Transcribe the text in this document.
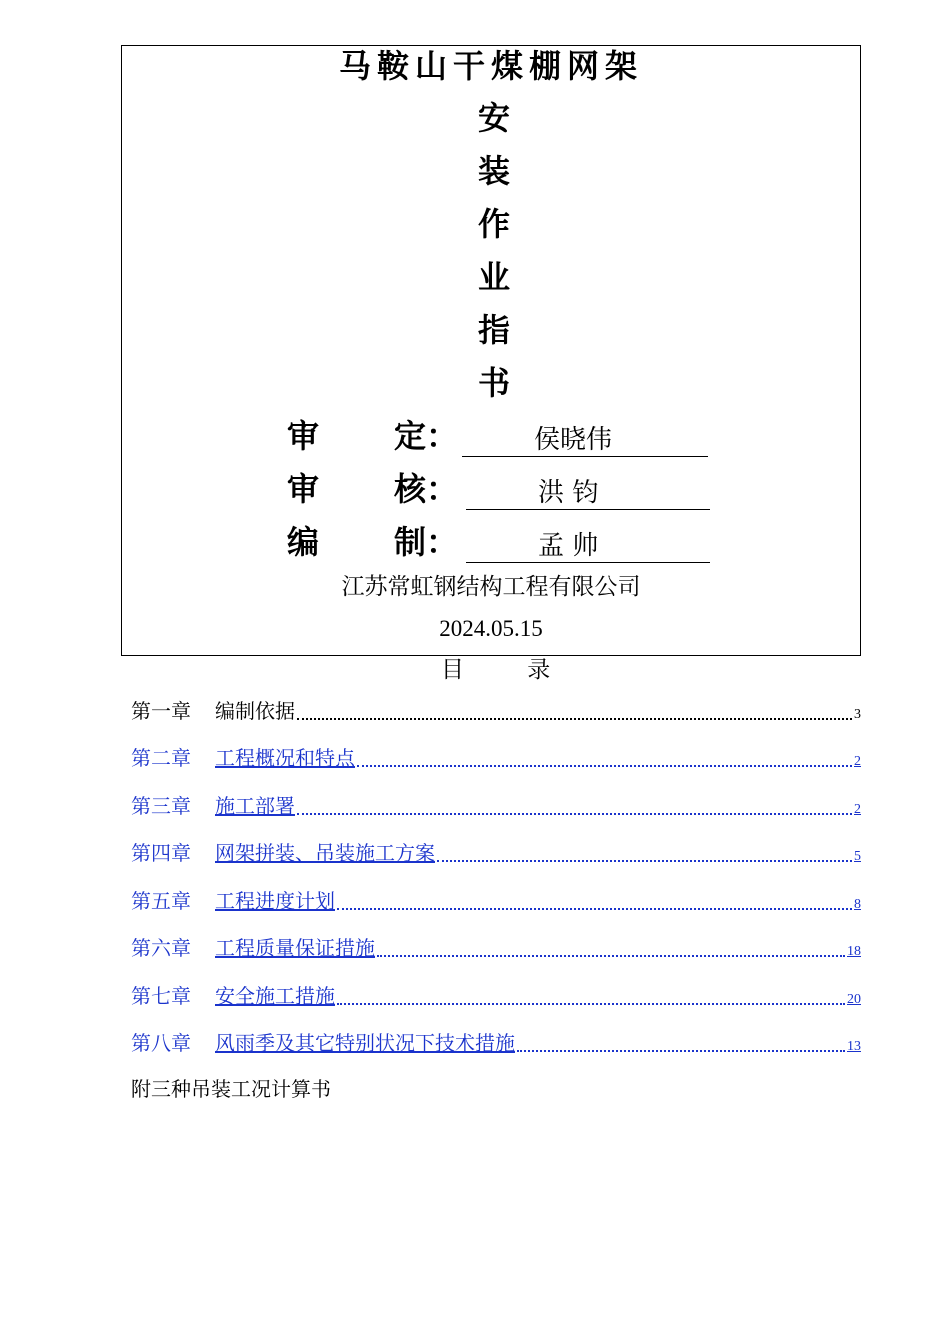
马鞍山干煤棚网架
安
装
作
业
指
书
审 定：	侯晓伟
审 核：	洪 钧
编 制：	孟 帅
江苏常虹钢结构工程有限公司
2024.05.15
目 录
第一章 编制依据	3
第二章 工程概况和特点	2
第三章 施工部署	2
第四章 网架拼装、吊装施工方案	5
第五章 工程进度计划	8
第六章 工程质量保证措施	18
第七章 安全施工措施	20
第八章 风雨季及其它特别状况下技术措施	13
附三种吊装工况计算书
